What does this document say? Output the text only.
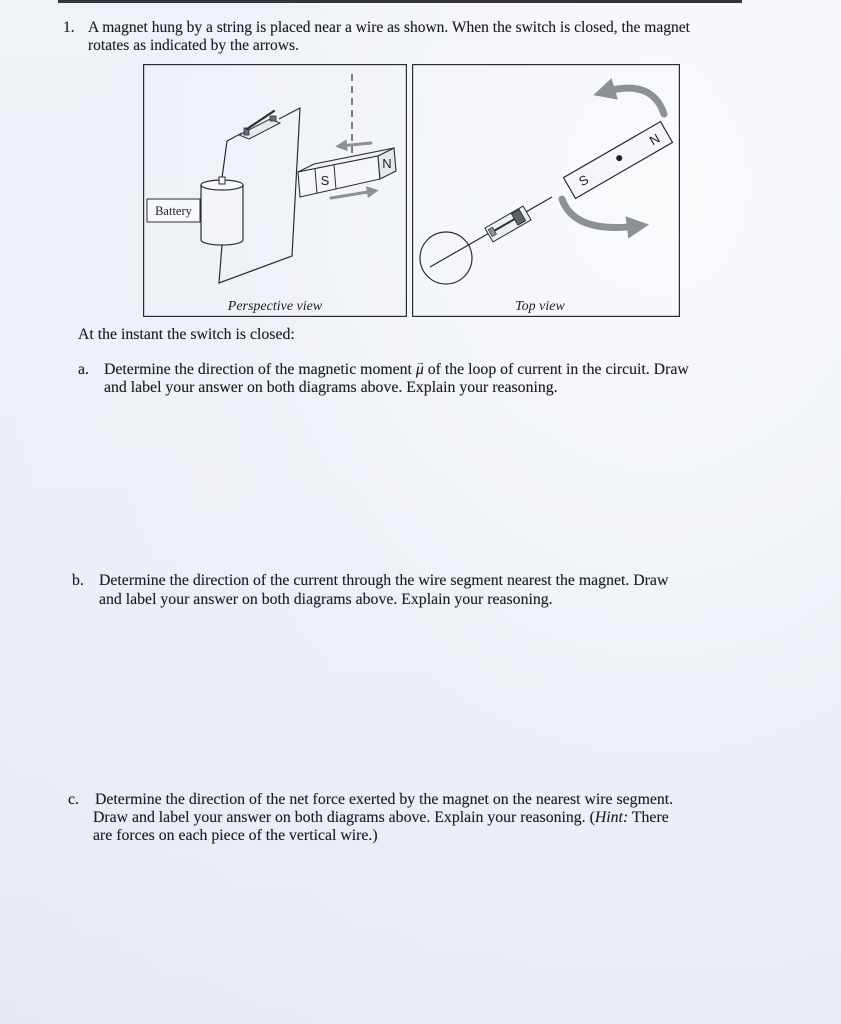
1. A magnet hung by a string is placed near a wire as shown. When the switch is closed, the magnet
rotates as indicated by the arrows.
Battery
S
N
Perspective view
S
N
Top view
At the instant the switch is closed:
a. Determine the direction of the magnetic moment μ → of the loop of current in the circuit. Draw
and label your answer on both diagrams above. Explain your reasoning.
b. Determine the direction of the current through the wire segment nearest the magnet. Draw
and label your answer on both diagrams above. Explain your reasoning.
c. Determine the direction of the net force exerted by the magnet on the nearest wire segment.
Draw and label your answer on both diagrams above. Explain your reasoning. (Hint: There
are forces on each piece of the vertical wire.)
